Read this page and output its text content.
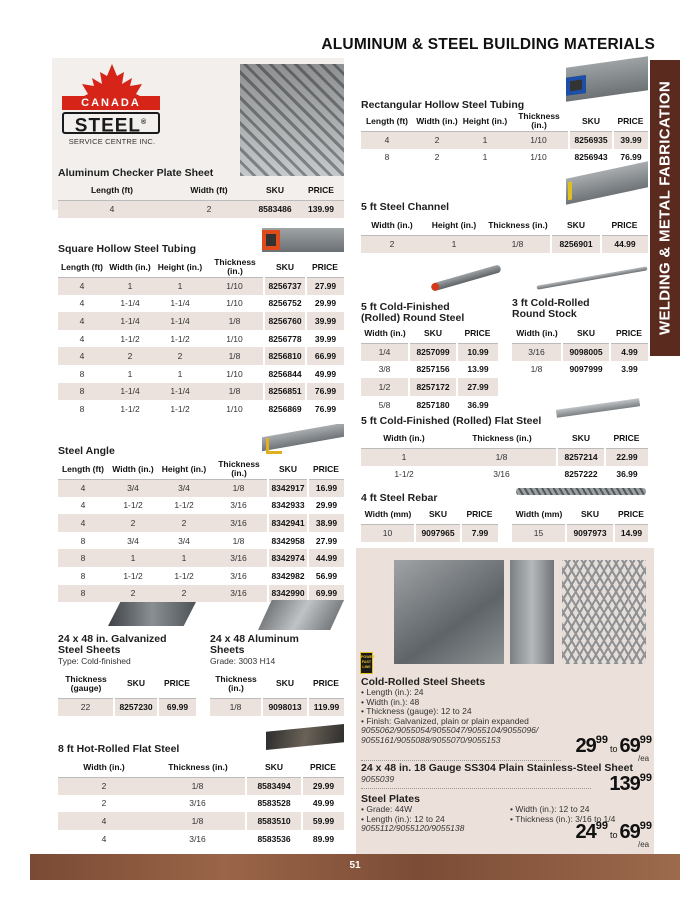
ALUMINUM & STEEL BUILDING MATERIALS
WELDING & METAL FABRICATION
CANADA
STEEL®
SERVICE CENTRE INC.
Aluminum Checker Plate Sheet
Length (ft)	Width (ft)	SKU	PRICE
4	2	8583486	139.99
Square Hollow Steel Tubing
Length (ft)	Width (in.)	Height (in.)	Thickness (in.)	SKU	PRICE
4	1	1	1/10	8256737	27.99
4	1-1/4	1-1/4	1/10	8256752	29.99
4	1-1/4	1-1/4	1/8	8256760	39.99
4	1-1/2	1-1/2	1/10	8256778	39.99
4	2	2	1/8	8256810	66.99
8	1	1	1/10	8256844	49.99
8	1-1/4	1-1/4	1/8	8256851	76.99
8	1-1/2	1-1/2	1/10	8256869	76.99
Steel Angle
Length (ft)	Width (in.)	Height (in.)	Thickness (in.)	SKU	PRICE
4	3/4	3/4	1/8	8342917	16.99
4	1-1/2	1-1/2	3/16	8342933	29.99
4	2	2	3/16	8342941	38.99
8	3/4	3/4	1/8	8342958	27.99
8	1	1	3/16	8342974	44.99
8	1-1/2	1-1/2	3/16	8342982	56.99
8	2	2	3/16	8342990	69.99
24 x 48 in. Galvanized Steel Sheets
Type: Cold-finished
Thickness (gauge)	SKU	PRICE
22	8257230	69.99
24 x 48 Aluminum Sheets
Grade: 3003 H14
Thickness (in.)	SKU	PRICE
1/8	9098013	119.99
8 ft Hot-Rolled Flat Steel
Width (in.)	Thickness (in.)	SKU	PRICE
2	1/8	8583494	29.99
2	3/16	8583528	49.99
4	1/8	8583510	59.99
4	3/16	8583536	89.99
Rectangular Hollow Steel Tubing
Length (ft)	Width (in.)	Height (in.)	Thickness (in.)	SKU	PRICE
4	2	1	1/10	8256935	39.99
8	2	1	1/10	8256943	76.99
5 ft Steel Channel
Width (in.)	Height (in.)	Thickness (in.)	SKU	PRICE
2	1	1/8	8256901	44.99
5 ft Cold-Finished (Rolled) Round Steel
Width (in.)	SKU	PRICE
1/4	8257099	10.99
3/8	8257156	13.99
1/2	8257172	27.99
5/8	8257180	36.99
3 ft Cold-Rolled Round Stock
Width (in.)	SKU	PRICE
3/16	9098005	4.99
1/8	9097999	3.99
5 ft Cold-Finished (Rolled) Flat Steel
Width (in.)	Thickness (in.)	SKU	PRICE
1	1/8	8257214	22.99
1-1/2	3/16	8257222	36.99
4 ft Steel Rebar
Width (mm)	SKU	PRICE
10	9097965	7.99
Width (mm)	SKU	PRICE
15	9097973	14.99
POWER
FAST
LINE
Cold-Rolled Steel Sheets
• Length (in.): 24
• Width (in.): 48
• Thickness (gauge): 12 to 24
• Finish: Galvanized, plain or plain expanded
9055062/9055054/9055047/9055104/9055096/
9055161/9055088/9055070/9055153	$29^{99}to$ $69^{99}$
/ea
24 x 48 in. 18 Gauge SS304 Plain Stainless-Steel Sheet
9055039	$139^{99}$
Steel Plates
• Grade: 44W
• Length (in.): 12 to 24
9055112/9055120/9055138
• Width (in.): 12 to 24
• Thickness (in.): 3/16 to 1/4
$24^{99}to$ $69^{99}$
/ea
51
